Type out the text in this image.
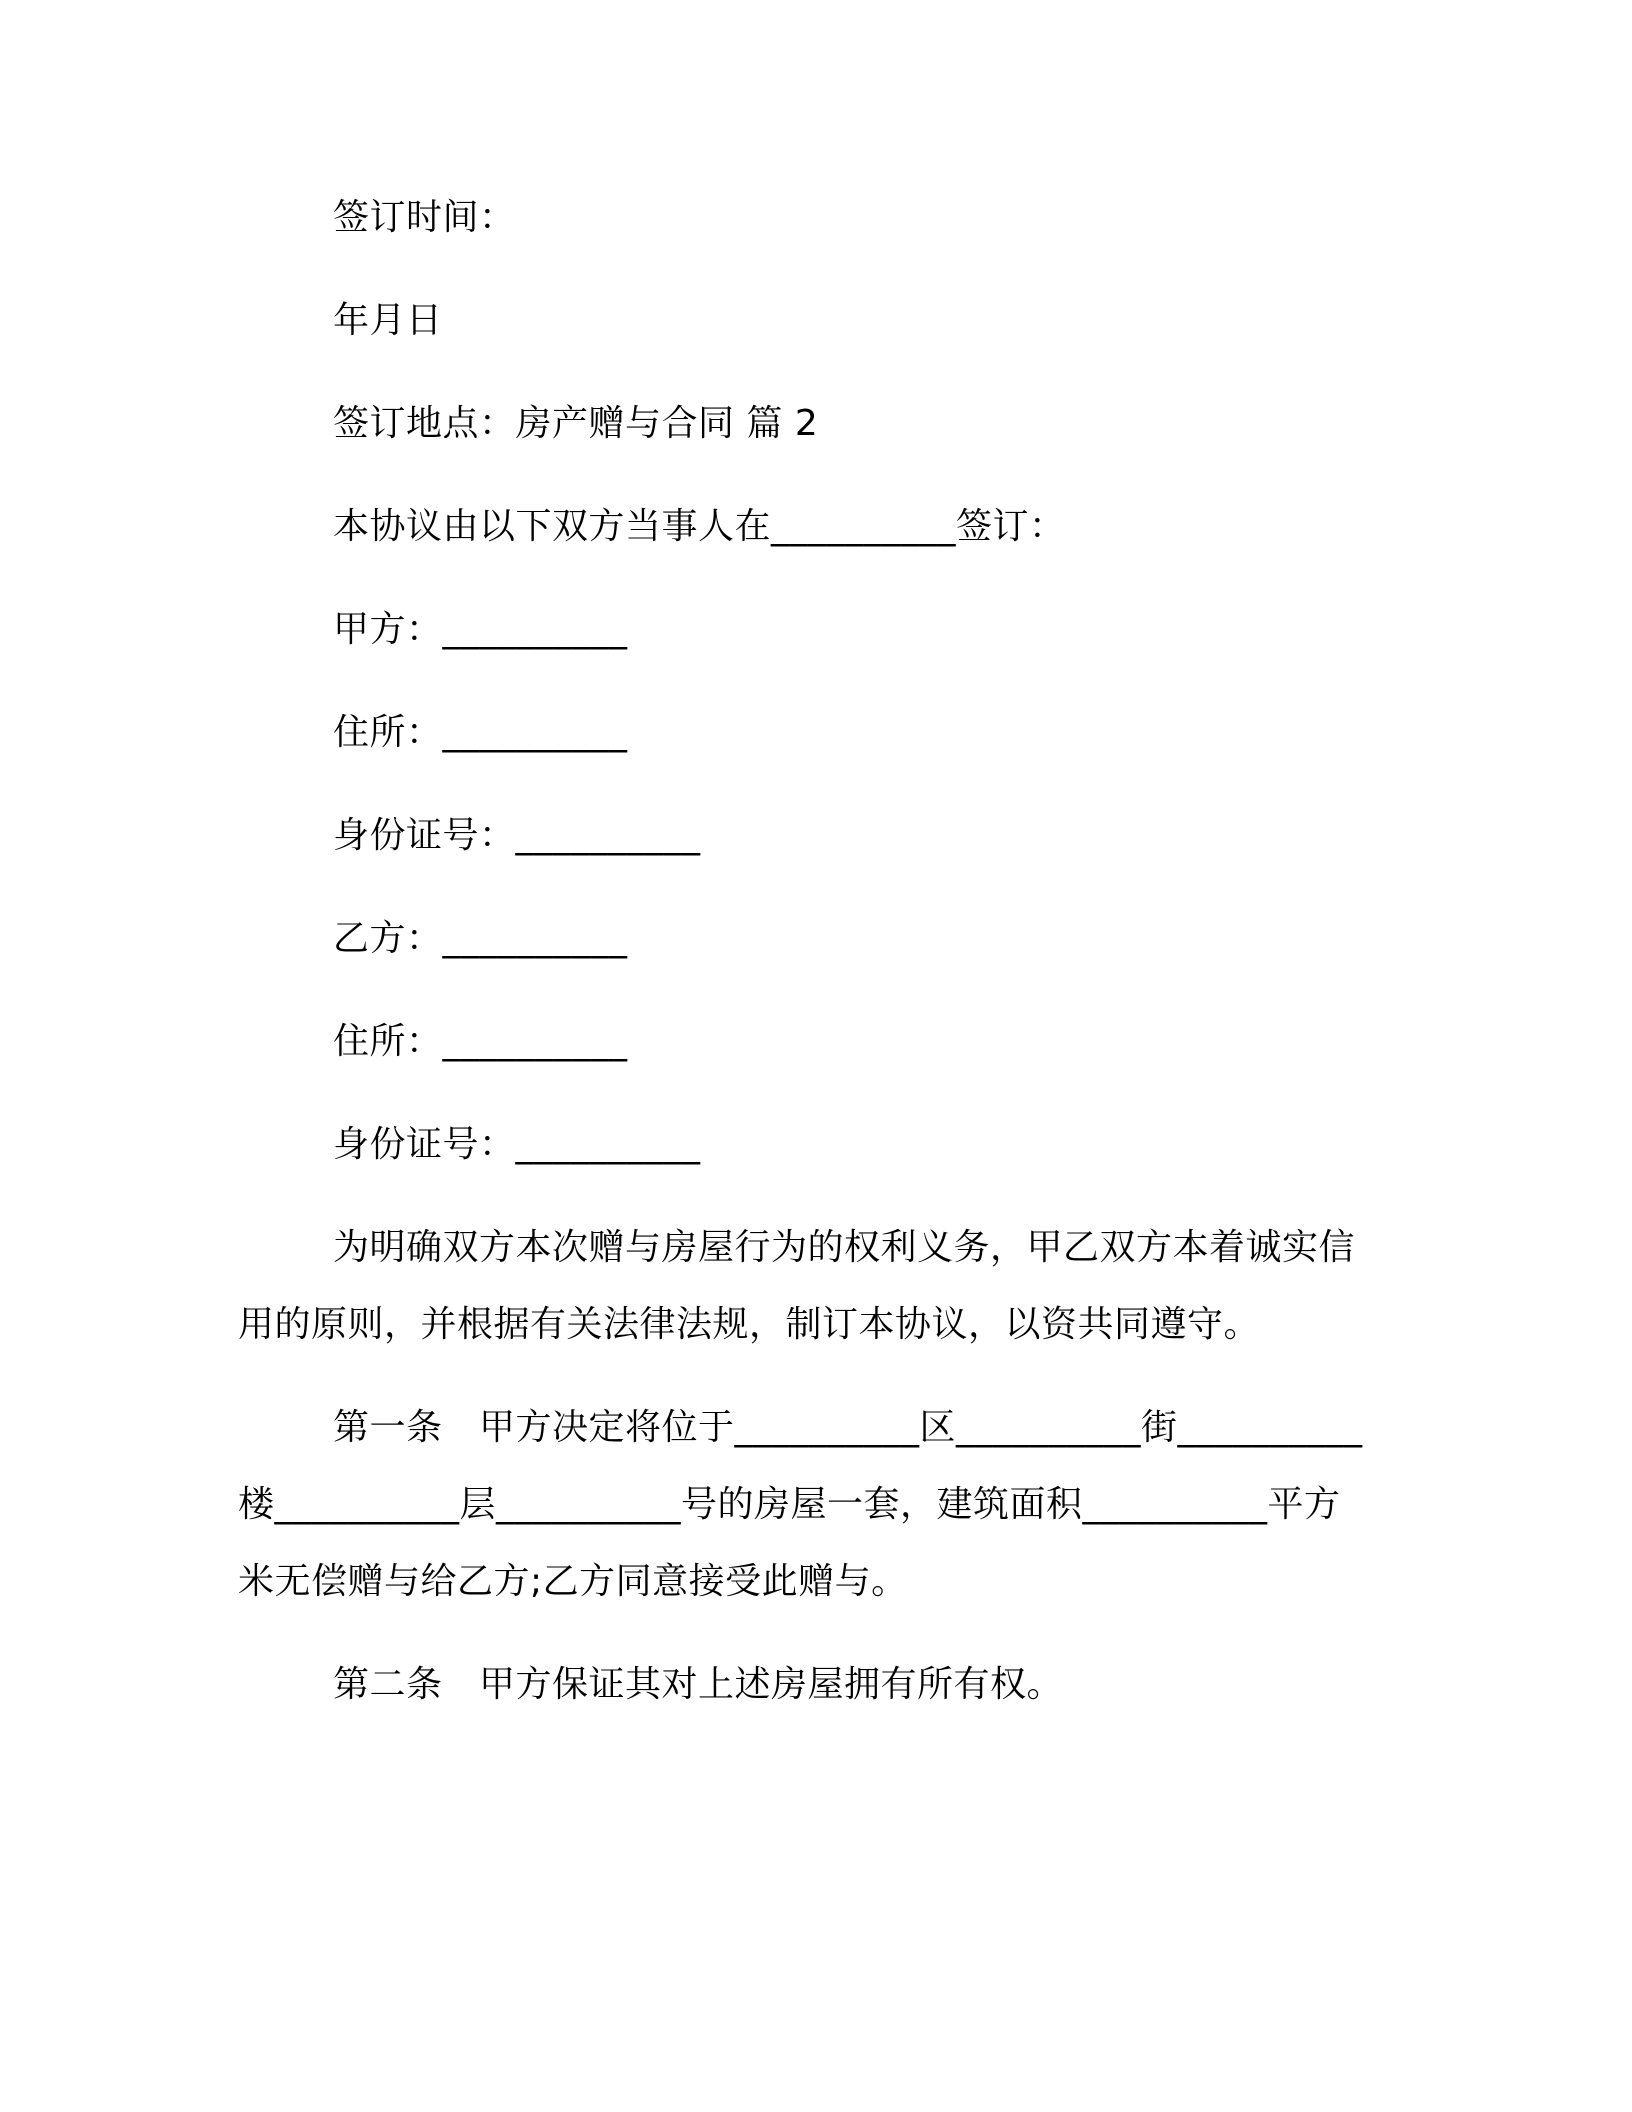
签订时间：
年月日
签订地点：房产赠与合同 篇 2
本协议由以下双方当事人在__________签订：
甲方：__________
住所：__________
身份证号：__________
乙方：__________
住所：__________
身份证号：__________
为明确双方本次赠与房屋行为的权利义务，甲乙双方本着诚实信
用的原则，并根据有关法律法规，制订本协议，以资共同遵守。
第一条　甲方决定将位于__________区__________街__________
楼__________层__________号的房屋一套，建筑面积__________平方
米无偿赠与给乙方;乙方同意接受此赠与。
第二条　甲方保证其对上述房屋拥有所有权。
